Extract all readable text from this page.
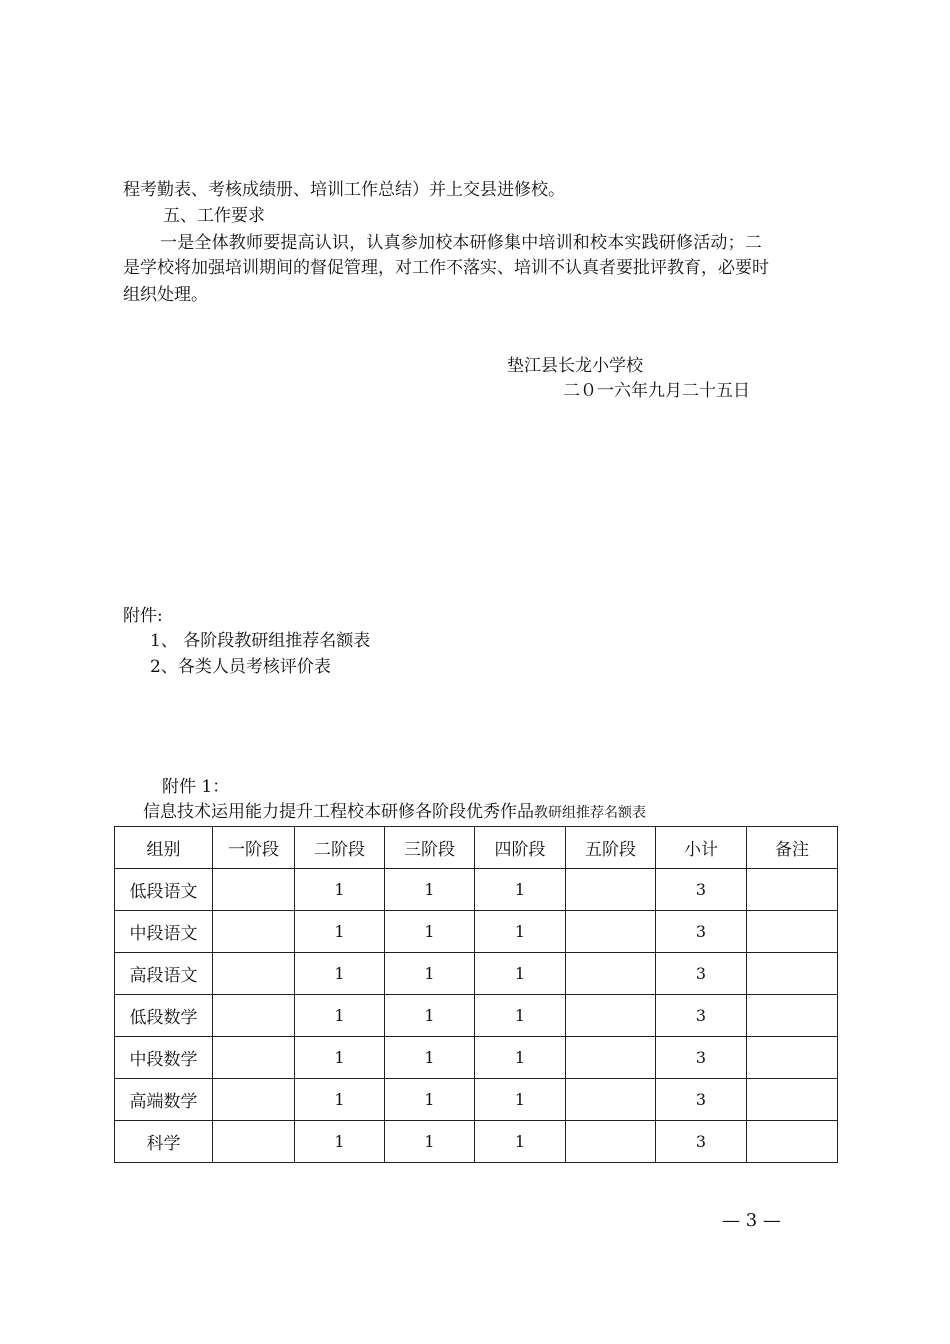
程考勤表、考核成绩册、培训工作总结）并上交县进修校。
五、工作要求
一是全体教师要提高认识，认真参加校本研修集中培训和校本实践研修活动；二
是学校将加强培训期间的督促管理，对工作不落实、培训不认真者要批评教育，必要时
组织处理。
垫江县长龙小学校
二０一六年九月二十五日
附件:
1、 各阶段教研组推荐名额表
2、各类人员考核评价表
附件 1：
信息技术运用能力提升工程校本研修各阶段优秀作品教研组推荐名额表
组别	一阶段	二阶段	三阶段	四阶段	五阶段	小计	备注
低段语文		1	1	1		3	
中段语文		1	1	1		3	
高段语文		1	1	1		3	
低段数学		1	1	1		3	
中段数学		1	1	1		3	
高端数学		1	1	1		3	
科学		1	1	1		3	
— 3 —
